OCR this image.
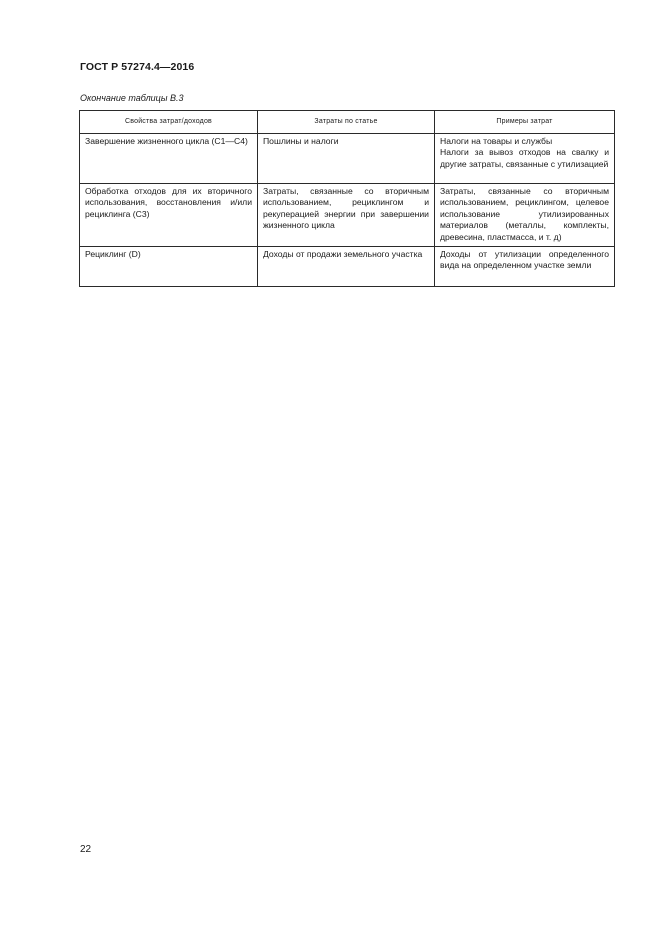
ГОСТ Р 57274.4—2016
Окончание таблицы В.3
Свойства затрат/доходов	Затраты по статье	Примеры затрат
Завершение жизненного цикла (С1—С4)	Пошлины и налоги	Налоги на товары и службы
Налоги за вывоз отходов на свалку и другие затраты, связанные с утилизацией

Обработка отходов для их вторичного использования, восстановления и/или рециклинга (С3)	Затраты, связанные со вторичным использованием, рециклингом и рекуперацией энергии при завершении жизненного цикла	Затраты, связанные со вторичным использованием, рециклингом, целевое использование утилизированных материалов (металлы, комплекты, древесина, пластмасса, и т. д)

Рециклинг (D)	Доходы от продажи земельного участка	Доходы от утилизации определенного вида на определенном участке земли
22
